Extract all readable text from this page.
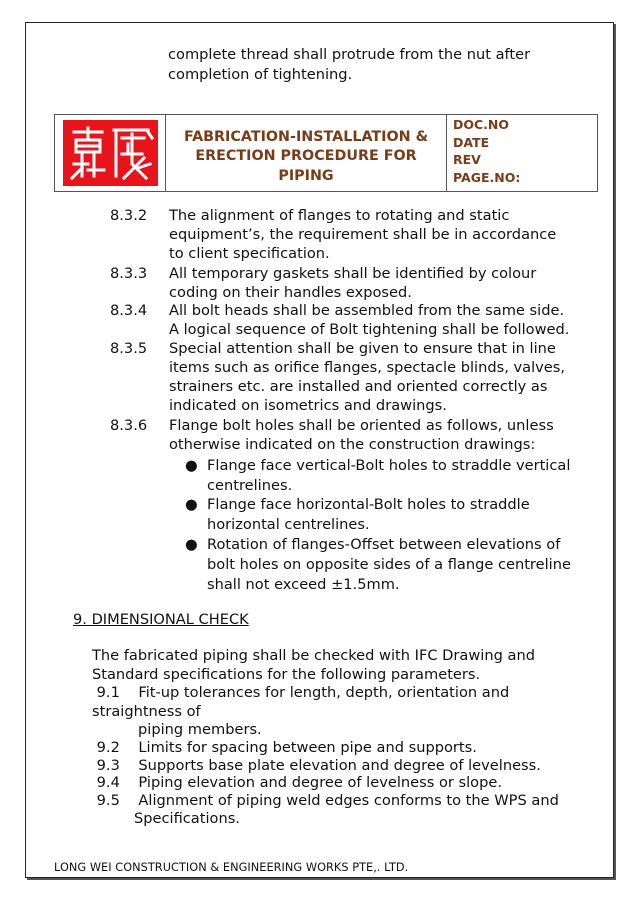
complete thread shall protrude from the nut after

completion of tightening.

FABRICATION-INSTALLATION &
ERECTION PROCEDURE FOR
PIPING

DOC.NO
DATE
REV
PAGE.NO:
8.3.2 The alignment of flanges to rotating and static
equipment’s, the requirement shall be in accordance
to client specification.
8.3.3 All temporary gaskets shall be identified by colour
coding on their handles exposed.
8.3.4 All bolt heads shall be assembled from the same side.
A logical sequence of Bolt tightening shall be followed.
8.3.5 Special attention shall be given to ensure that in line
items such as orifice flanges, spectacle blinds, valves,
strainers etc. are installed and oriented correctly as
indicated on isometrics and drawings.
8.3.6 Flange bolt holes shall be oriented as follows, unless
otherwise indicated on the construction drawings:
● Flange face vertical-Bolt holes to straddle vertical
centrelines.
● Flange face horizontal-Bolt holes to straddle
horizontal centrelines.
● Rotation of flanges-Offset between elevations of
bolt holes on opposite sides of a flange centreline
shall not exceed ±1.5mm.

9. DIMENSIONAL CHECK

The fabricated piping shall be checked with IFC Drawing and

Standard specifications for the following parameters.

9.1    Fit-up tolerances for length, depth, orientation and

straightness of

piping members.

9.2    Limits for spacing between pipe and supports.

9.3    Supports base plate elevation and degree of levelness.

9.4    Piping elevation and degree of levelness or slope.

9.5    Alignment of piping weld edges conforms to the WPS and

Specifications.

LONG WEI CONSTRUCTION & ENGINEERING WORKS PTE,. LTD.
